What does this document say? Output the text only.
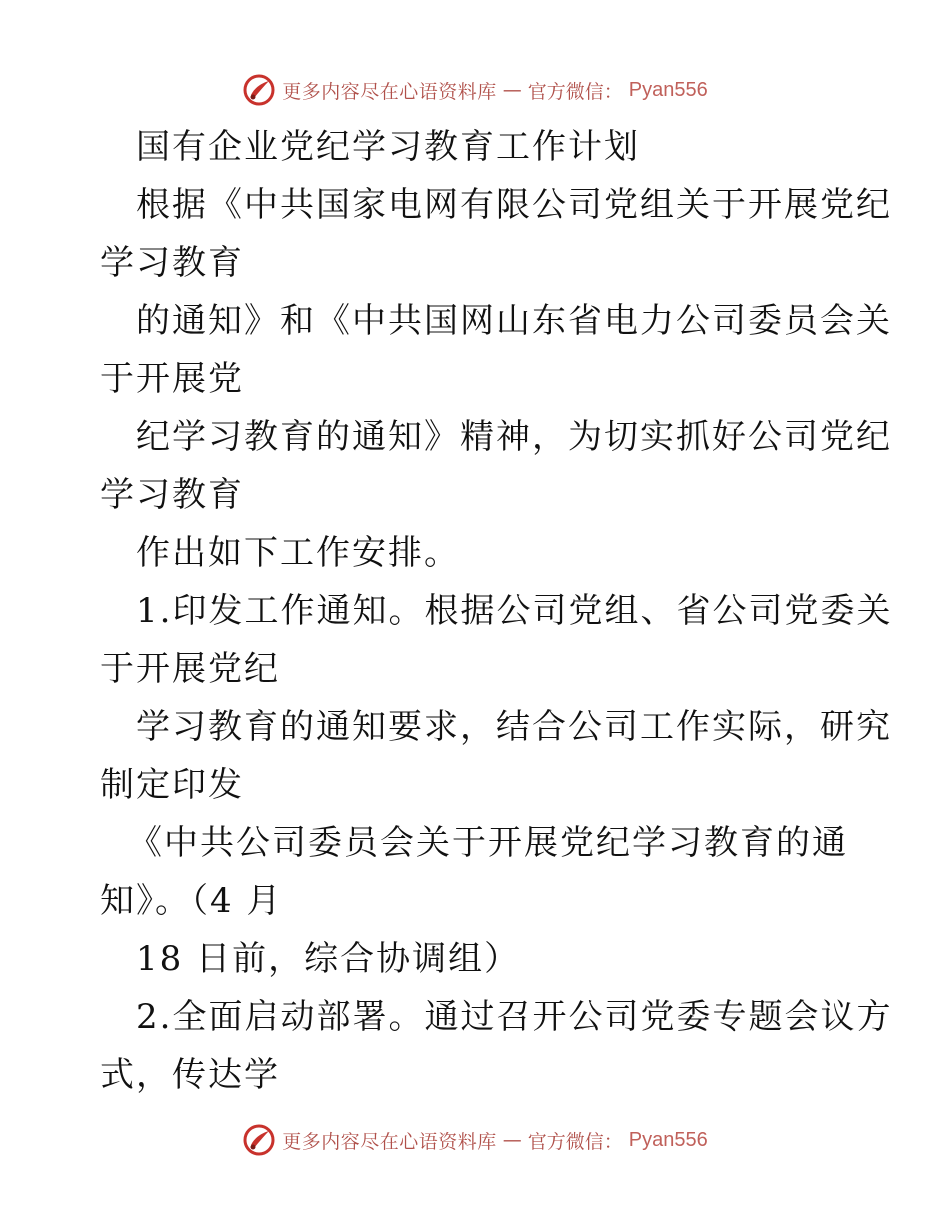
更多内容尽在心语资料库 — 官方微信： Pyan556
国有企业党纪学习教育工作计划
根据《中共国家电网有限公司党组关于开展党纪
学习教育
的通知》和《中共国网山东省电力公司委员会关
于开展党
纪学习教育的通知》精神，为切实抓好公司党纪
学习教育
作出如下工作安排。
1.印发工作通知。根据公司党组、省公司党委关
于开展党纪
学习教育的通知要求，结合公司工作实际，研究
制定印发
《中共公司委员会关于开展党纪学习教育的通
知》。（4 月
18 日前，综合协调组）
2.全面启动部署。通过召开公司党委专题会议方
式，传达学
更多内容尽在心语资料库 — 官方微信： Pyan556
